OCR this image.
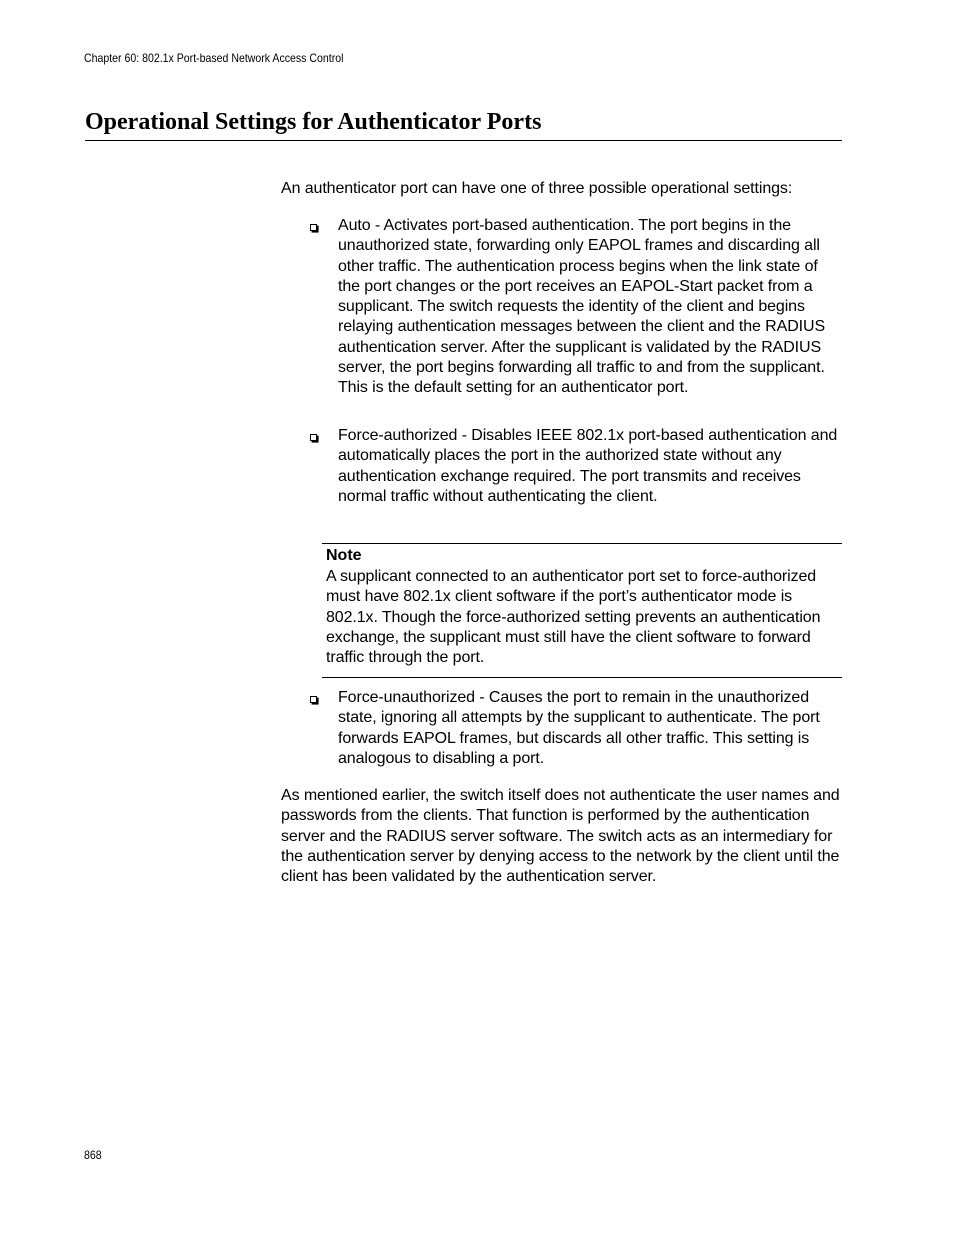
Chapter 60: 802.1x Port-based Network Access Control
Operational Settings for Authenticator Ports

An authenticator port can have one of three possible operational settings:

Auto - Activates port-based authentication. The port begins in the unauthorized state, forwarding only EAPOL frames and discarding all other traffic. The authentication process begins when the link state of the port changes or the port receives an EAPOL-Start packet from a supplicant. The switch requests the identity of the client and begins relaying authentication messages between the client and the RADIUS authentication server. After the supplicant is validated by the RADIUS server, the port begins forwarding all traffic to and from the supplicant. This is the default setting for an authenticator port.

Force-authorized - Disables IEEE 802.1x port-based authentication and automatically places the port in the authorized state without any authentication exchange required. The port transmits and receives normal traffic without authenticating the client.

Note

A supplicant connected to an authenticator port set to force-authorized must have 802.1x client software if the port’s authenticator mode is 802.1x. Though the force-authorized setting prevents an authentication exchange, the supplicant must still have the client software to forward traffic through the port.

Force-unauthorized - Causes the port to remain in the unauthorized state, ignoring all attempts by the supplicant to authenticate. The port forwards EAPOL frames, but discards all other traffic. This setting is analogous to disabling a port.

As mentioned earlier, the switch itself does not authenticate the user names and passwords from the clients. That function is performed by the authentication server and the RADIUS server software. The switch acts as an intermediary for the authentication server by denying access to the network by the client until the client has been validated by the authentication server.

868
